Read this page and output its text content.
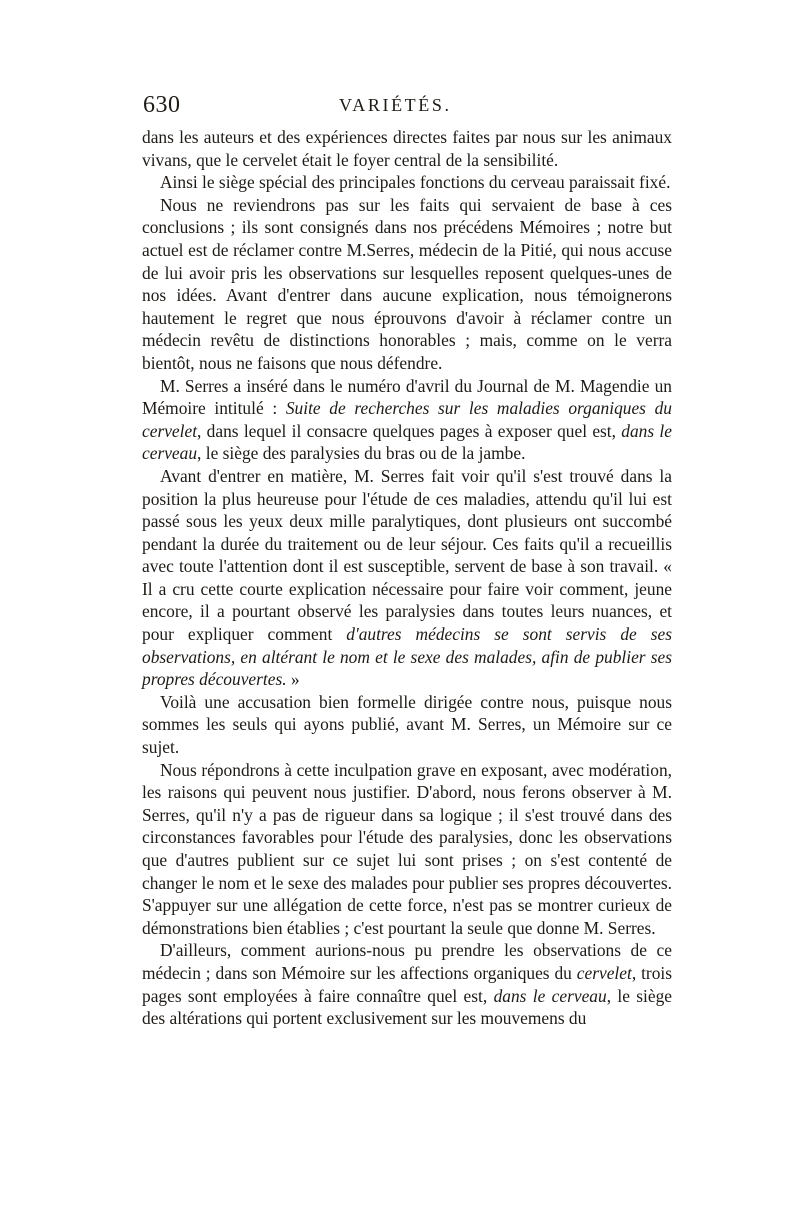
630	VARIÉTÉS.

dans les auteurs et des expériences directes faites par nous sur les animaux vivans, que le cervelet était le foyer central de la sensibilité.

Ainsi le siège spécial des principales fonctions du cerveau paraissait fixé.

Nous ne reviendrons pas sur les faits qui servaient de base à ces conclusions ; ils sont consignés dans nos précédens Mémoires ; notre but actuel est de réclamer contre M.Serres, médecin de la Pitié, qui nous accuse de lui avoir pris les observations sur lesquelles reposent quelques-unes de nos idées. Avant d'entrer dans aucune explication, nous témoignerons hautement le regret que nous éprouvons d'avoir à réclamer contre un médecin revêtu de distinctions honorables ; mais, comme on le verra bientôt, nous ne faisons que nous défendre.

M. Serres a inséré dans le numéro d'avril du Journal de M. Magendie un Mémoire intitulé : Suite de recherches sur les maladies organiques du cervelet, dans lequel il consacre quelques pages à exposer quel est, dans le cerveau, le siège des paralysies du bras ou de la jambe.

Avant d'entrer en matière, M. Serres fait voir qu'il s'est trouvé dans la position la plus heureuse pour l'étude de ces maladies, attendu qu'il lui est passé sous les yeux deux mille paralytiques, dont plusieurs ont succombé pendant la durée du traitement ou de leur séjour. Ces faits qu'il a recueillis avec toute l'attention dont il est susceptible, servent de base à son travail. « Il a cru cette courte explication nécessaire pour faire voir comment, jeune encore, il a pourtant observé les paralysies dans toutes leurs nuances, et pour expliquer comment d'autres médecins se sont servis de ses observations, en altérant le nom et le sexe des malades, afin de publier ses propres découvertes. »

Voilà une accusation bien formelle dirigée contre nous, puisque nous sommes les seuls qui ayons publié, avant M. Serres, un Mémoire sur ce sujet.

Nous répondrons à cette inculpation grave en exposant, avec modération, les raisons qui peuvent nous justifier. D'abord, nous ferons observer à M. Serres, qu'il n'y a pas de rigueur dans sa logique ; il s'est trouvé dans des circonstances favorables pour l'étude des paralysies, donc les observations que d'autres publient sur ce sujet lui sont prises ; on s'est contenté de changer le nom et le sexe des malades pour publier ses propres découvertes. S'appuyer sur une allégation de cette force, n'est pas se montrer curieux de démonstrations bien établies ; c'est pourtant la seule que donne M. Serres.

D'ailleurs, comment aurions-nous pu prendre les observations de ce médecin ; dans son Mémoire sur les affections organiques du cervelet, trois pages sont employées à faire connaître quel est, dans le cerveau, le siège des altérations qui portent exclusivement sur les mouvemens du
